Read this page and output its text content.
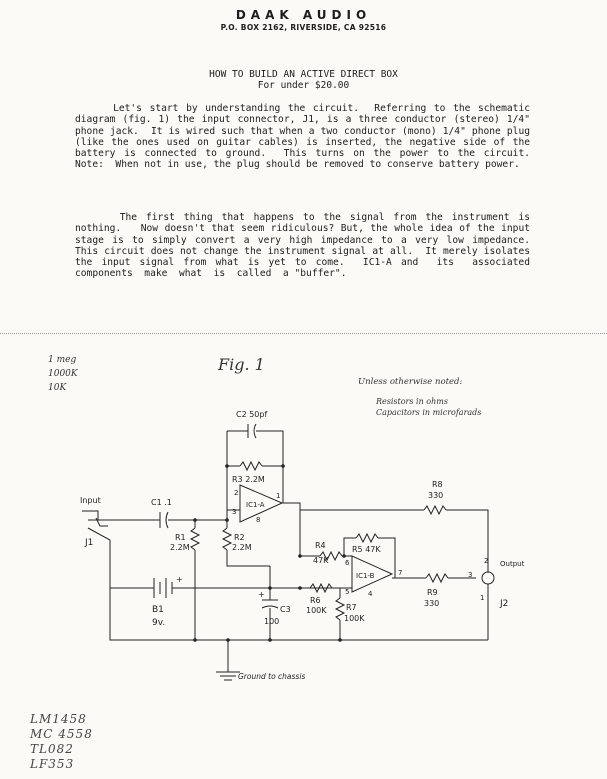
DAAK AUDIO
P.O. BOX 2162, RIVERSIDE, CA 92516
HOW TO BUILD AN ACTIVE DIRECT BOX
For under $20.00
Let's start by understanding the circuit.  Referring to the schematic diagram (fig. 1) the input connector, J1, is a three conductor (stereo) 1/4" phone jack.  It is wired such that when a two conductor (mono) 1/4" phone plug (like the ones used on guitar cables) is inserted, the negative side of the battery is connected to ground.  This turns on the power to the circuit.   Note:  When not in use, the plug should be removed to conserve battery power.
The first thing that happens to the signal from the instrument is nothing.   Now doesn't that seem ridiculous? But, the whole idea of the input stage is to simply convert a very high impedance to a very low impedance.  This circuit does not change the instrument signal at all.  It merely isolates the input signal from what is yet to come.  IC1-A and  its  associated  components  make  what  is  called  a "buffer".
1 meg
1000K
10K
Fig. 1
Unless otherwise noted:
Resistors in ohms
Capacitors in microfarads
C2 50pf
R3 2.2M
IC1-A
R8
330
Input	C1 .1
J1
R1
2.2M
R2
2.2M	R4
47K
R5 47K
IC1-B
Output
R9
330	J2
B1
9v.
C3
100
R6
100K R7
100K
Ground to chassis
2
3
1
8
6
5
7
4
2
3
1
+
+
LM1458
MC 4558
TL082
LF353
